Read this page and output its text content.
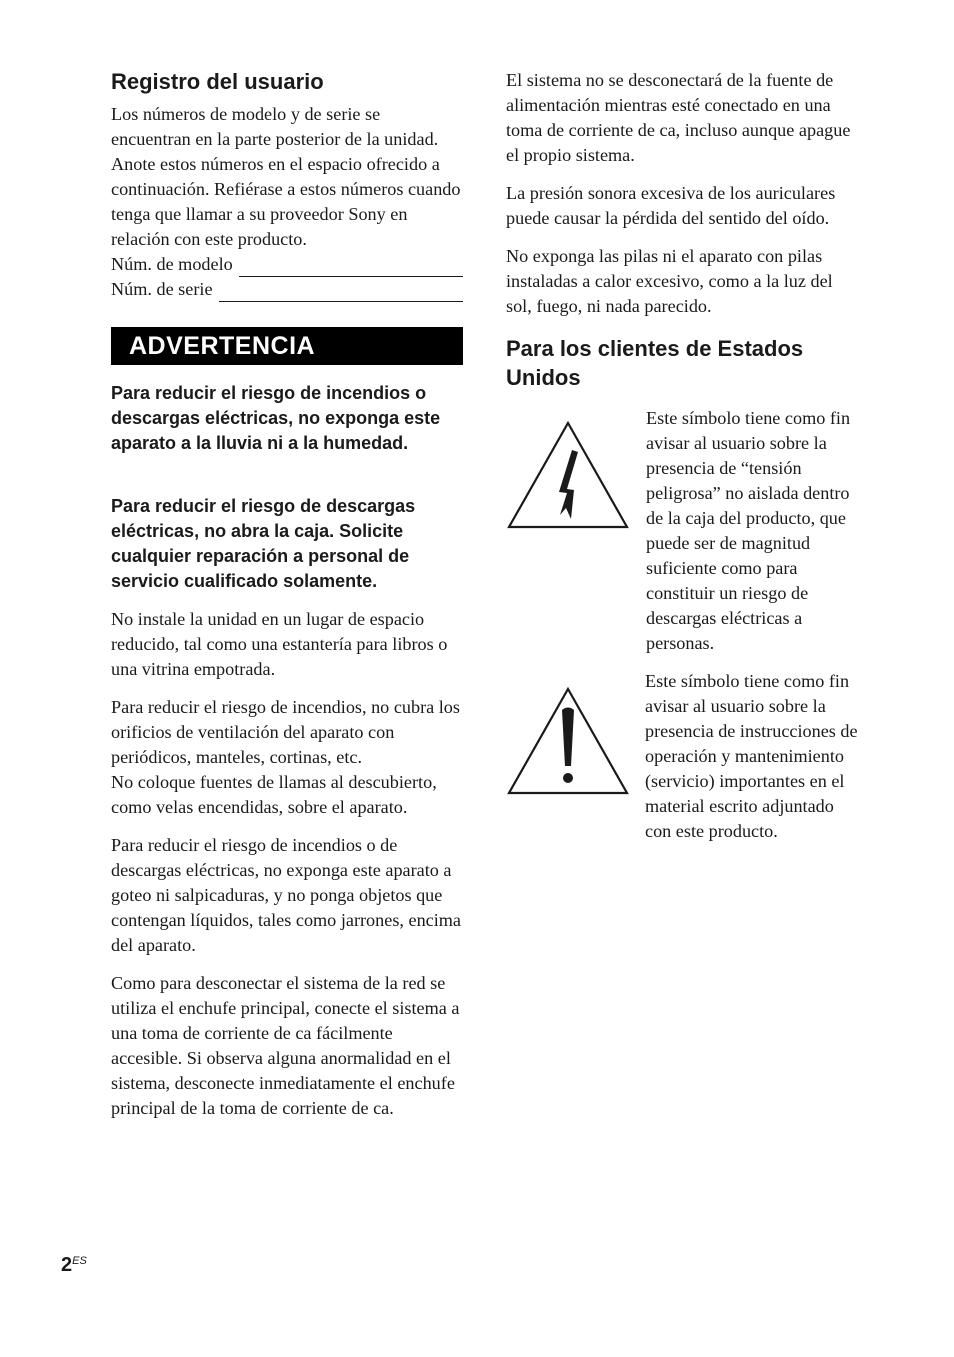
Registro del usuario

Los números de modelo y de serie se encuentran en la parte posterior de la unidad. Anote estos números en el espacio ofrecido a continuación. Refiérase a estos números cuando tenga que llamar a su proveedor Sony en relación con este producto.

Núm. de modelo
Núm. de serie
ADVERTENCIA

Para reducir el riesgo de incendios o descargas eléctricas, no exponga este aparato a la lluvia ni a la humedad.

Para reducir el riesgo de descargas eléctricas, no abra la caja. Solicite cualquier reparación a personal de servicio cualificado solamente.

No instale la unidad en un lugar de espacio reducido, tal como una estantería para libros o una vitrina empotrada.

Para reducir el riesgo de incendios, no cubra los orificios de ventilación del aparato con periódicos, manteles, cortinas, etc.

No coloque fuentes de llamas al descubierto, como velas encendidas, sobre el aparato.

Para reducir el riesgo de incendios o de descargas eléctricas, no exponga este aparato a goteo ni salpicaduras, y no ponga objetos que contengan líquidos, tales como jarrones, encima del aparato.

Como para desconectar el sistema de la red se utiliza el enchufe principal, conecte el sistema a una toma de corriente de ca fácilmente accesible. Si observa alguna anormalidad en el sistema, desconecte inmediatamente el enchufe principal de la toma de corriente de ca.

El sistema no se desconectará de la fuente de alimentación mientras esté conectado en una toma de corriente de ca, incluso aunque apague el propio sistema.

La presión sonora excesiva de los auriculares puede causar la pérdida del sentido del oído.

No exponga las pilas ni el aparato con pilas instaladas a calor excesivo, como a la luz del sol, fuego, ni nada parecido.

Para los clientes de Estados Unidos

Este símbolo tiene como fin avisar al usuario sobre la presencia de “tensión peligrosa” no aislada dentro de la caja del producto, que puede ser de magnitud suficiente como para constituir un riesgo de descargas eléctricas a personas.

Este símbolo tiene como fin avisar al usuario sobre la presencia de instrucciones de operación y mantenimiento (servicio) importantes en el material escrito adjuntado con este producto.

$2^{ES}$
